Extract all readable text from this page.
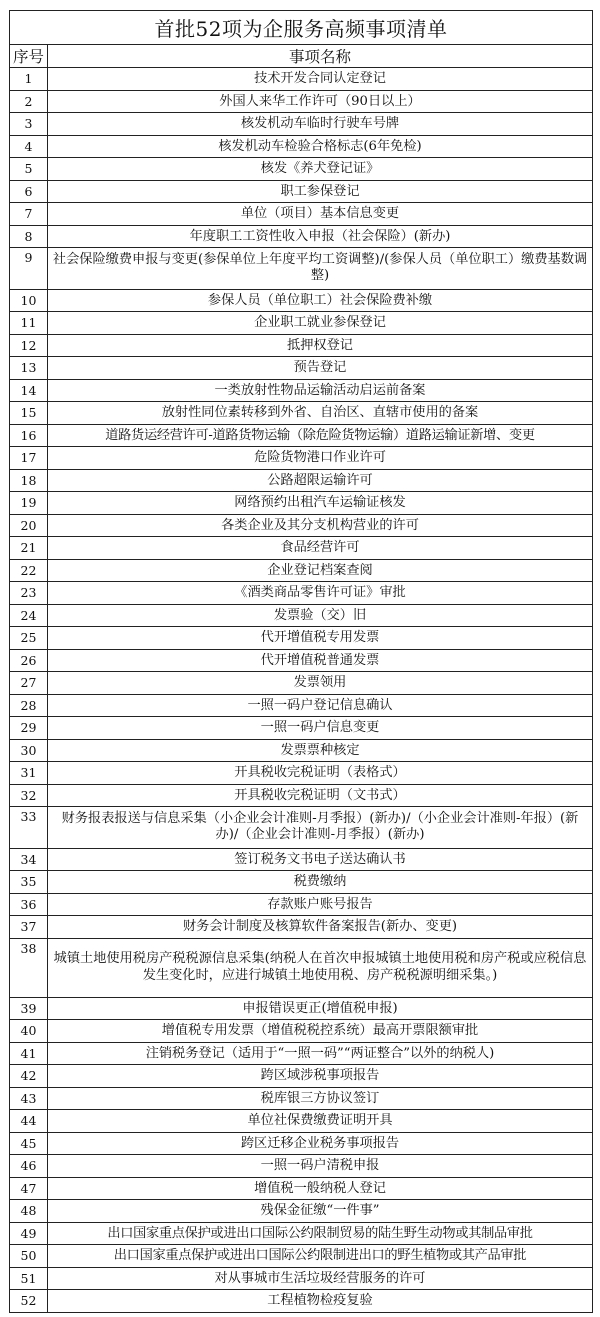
首批52项为企服务高频事项清单	
序号	事项名称
1	技术开发合同认定登记
2	外国人来华工作许可（90日以上）
3	核发机动车临时行驶车号牌
4	核发机动车检验合格标志(6年免检)
5	核发《养犬登记证》
6	职工参保登记
7	单位（项目）基本信息变更
8	年度职工工资性收入申报（社会保险）(新办)
9	社会保险缴费申报与变更(参保单位上年度平均工资调整)/(参保人员（单位职工）缴费基数调整)
10	参保人员（单位职工）社会保险费补缴
11	企业职工就业参保登记
12	抵押权登记
13	预告登记
14	一类放射性物品运输活动启运前备案
15	放射性同位素转移到外省、自治区、直辖市使用的备案
16	道路货运经营许可-道路货物运输（除危险货物运输）道路运输证新增、变更
17	危险货物港口作业许可
18	公路超限运输许可
19	网络预约出租汽车运输证核发
20	各类企业及其分支机构营业的许可
21	食品经营许可
22	企业登记档案查阅
23	《酒类商品零售许可证》审批
24	发票验（交）旧
25	代开增值税专用发票
26	代开增值税普通发票
27	发票领用
28	一照一码户登记信息确认
29	一照一码户信息变更
30	发票票种核定
31	开具税收完税证明（表格式）
32	开具税收完税证明（文书式）
33	财务报表报送与信息采集（小企业会计准则-月季报）(新办)/（小企业会计准则-年报）(新办)/（企业会计准则-月季报）(新办)
34	签订税务文书电子送达确认书
35	税费缴纳
36	存款账户账号报告
37	财务会计制度及核算软件备案报告(新办、变更)
38	城镇土地使用税房产税税源信息采集(纳税人在首次申报城镇土地使用税和房产税或应税信息发生变化时，应进行城镇土地使用税、房产税税源明细采集。)
39	申报错误更正(增值税申报)
40	增值税专用发票（增值税税控系统）最高开票限额审批
41	注销税务登记（适用于“一照一码”“两证整合”以外的纳税人)
42	跨区域涉税事项报告
43	税库银三方协议签订
44	单位社保费缴费证明开具
45	跨区迁移企业税务事项报告
46	一照一码户清税申报
47	增值税一般纳税人登记
48	残保金征缴“一件事”
49	出口国家重点保护或进出口国际公约限制贸易的陆生野生动物或其制品审批
50	出口国家重点保护或进出口国际公约限制进出口的野生植物或其产品审批
51	对从事城市生活垃圾经营服务的许可
52	工程植物检疫复验
